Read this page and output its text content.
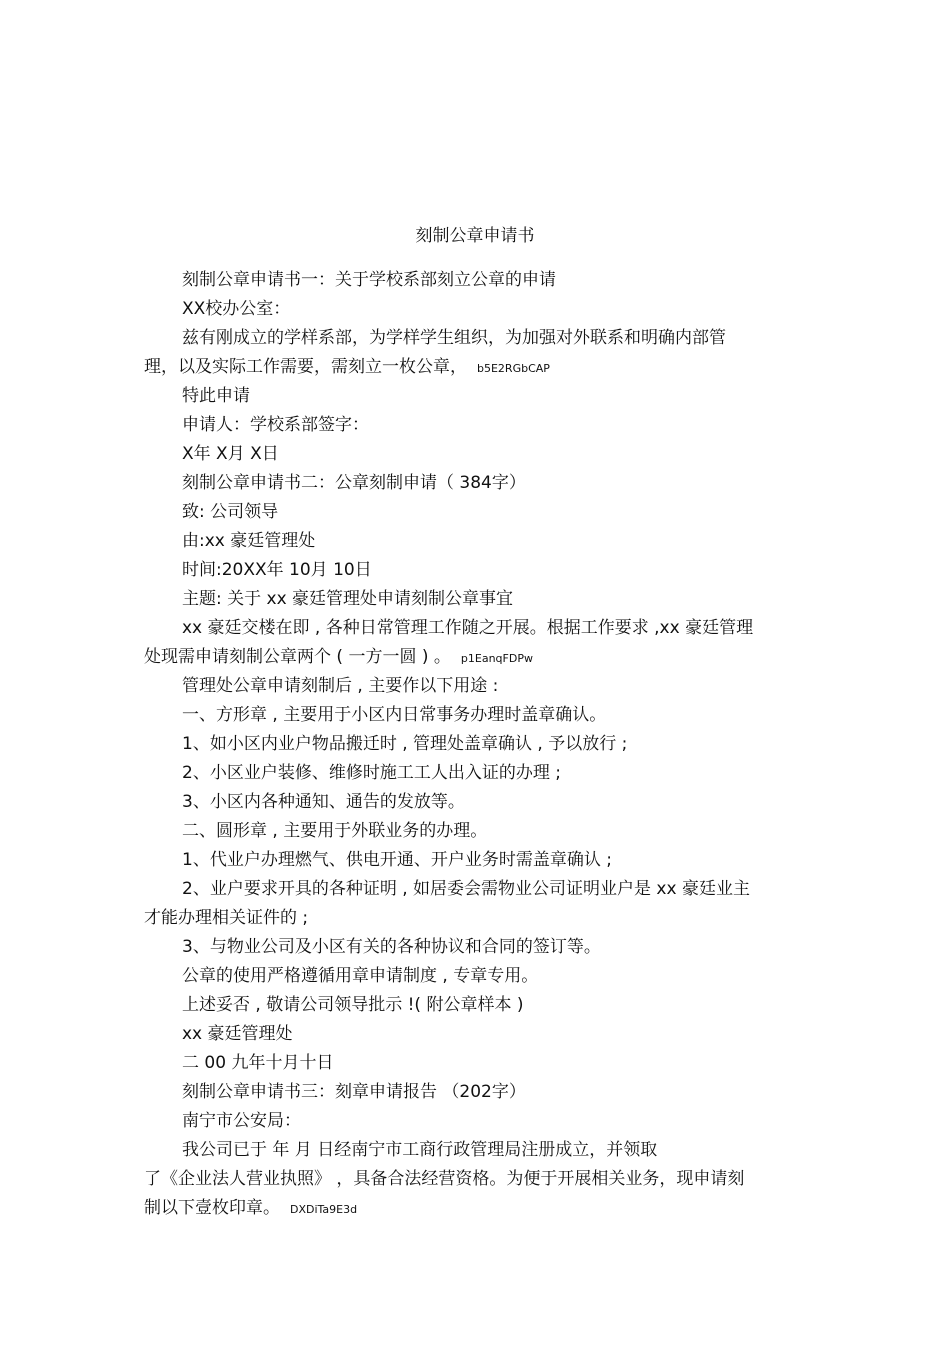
刻制公章申请书
刻制公章申请书一：关于学校系部刻立公章的申请
XX校办公室：
兹有刚成立的学样系部，为学样学生组织，为加强对外联系和明确内部管
理，以及实际工作需要，需刻立一枚公章， b5E2RGbCAP
特此申请
申请人：学校系部签字：
X年 X月 X日
刻制公章申请书二：公章刻制申请（ 384字）
致: 公司领导
由:xx 豪廷管理处
时间:20XX年 10月 10日
主题: 关于 xx 豪廷管理处申请刻制公章事宜
xx 豪廷交楼在即 , 各种日常管理工作随之开展。根据工作要求 ,xx 豪廷管理
处现需申请刻制公章两个 ( 一方一圆 ) 。 p1EanqFDPw
管理处公章申请刻制后 , 主要作以下用途 :
一、方形章 , 主要用于小区内日常事务办理时盖章确认。
1、如小区内业户物品搬迁时 , 管理处盖章确认 , 予以放行 ;
2、小区业户装修、维修时施工工人出入证的办理 ;
3、小区内各种通知、通告的发放等。
二、圆形章 , 主要用于外联业务的办理。
1、代业户办理燃气、供电开通、开户业务时需盖章确认 ;
2、业户要求开具的各种证明 , 如居委会需物业公司证明业户是 xx 豪廷业主
才能办理相关证件的 ;
3、与物业公司及小区有关的各种协议和合同的签订等。
公章的使用严格遵循用章申请制度 , 专章专用。
上述妥否 , 敬请公司领导批示 !( 附公章样本 )
xx 豪廷管理处
二 00 九年十月十日
刻制公章申请书三：刻章申请报告 （202字）
南宁市公安局：
我公司已于 年 月 日经南宁市工商行政管理局注册成立，并领取
了《企业法人营业执照》 ，具备合法经营资格。为便于开展相关业务，现申请刻
制以下壹枚印章。 DXDiTa9E3d
